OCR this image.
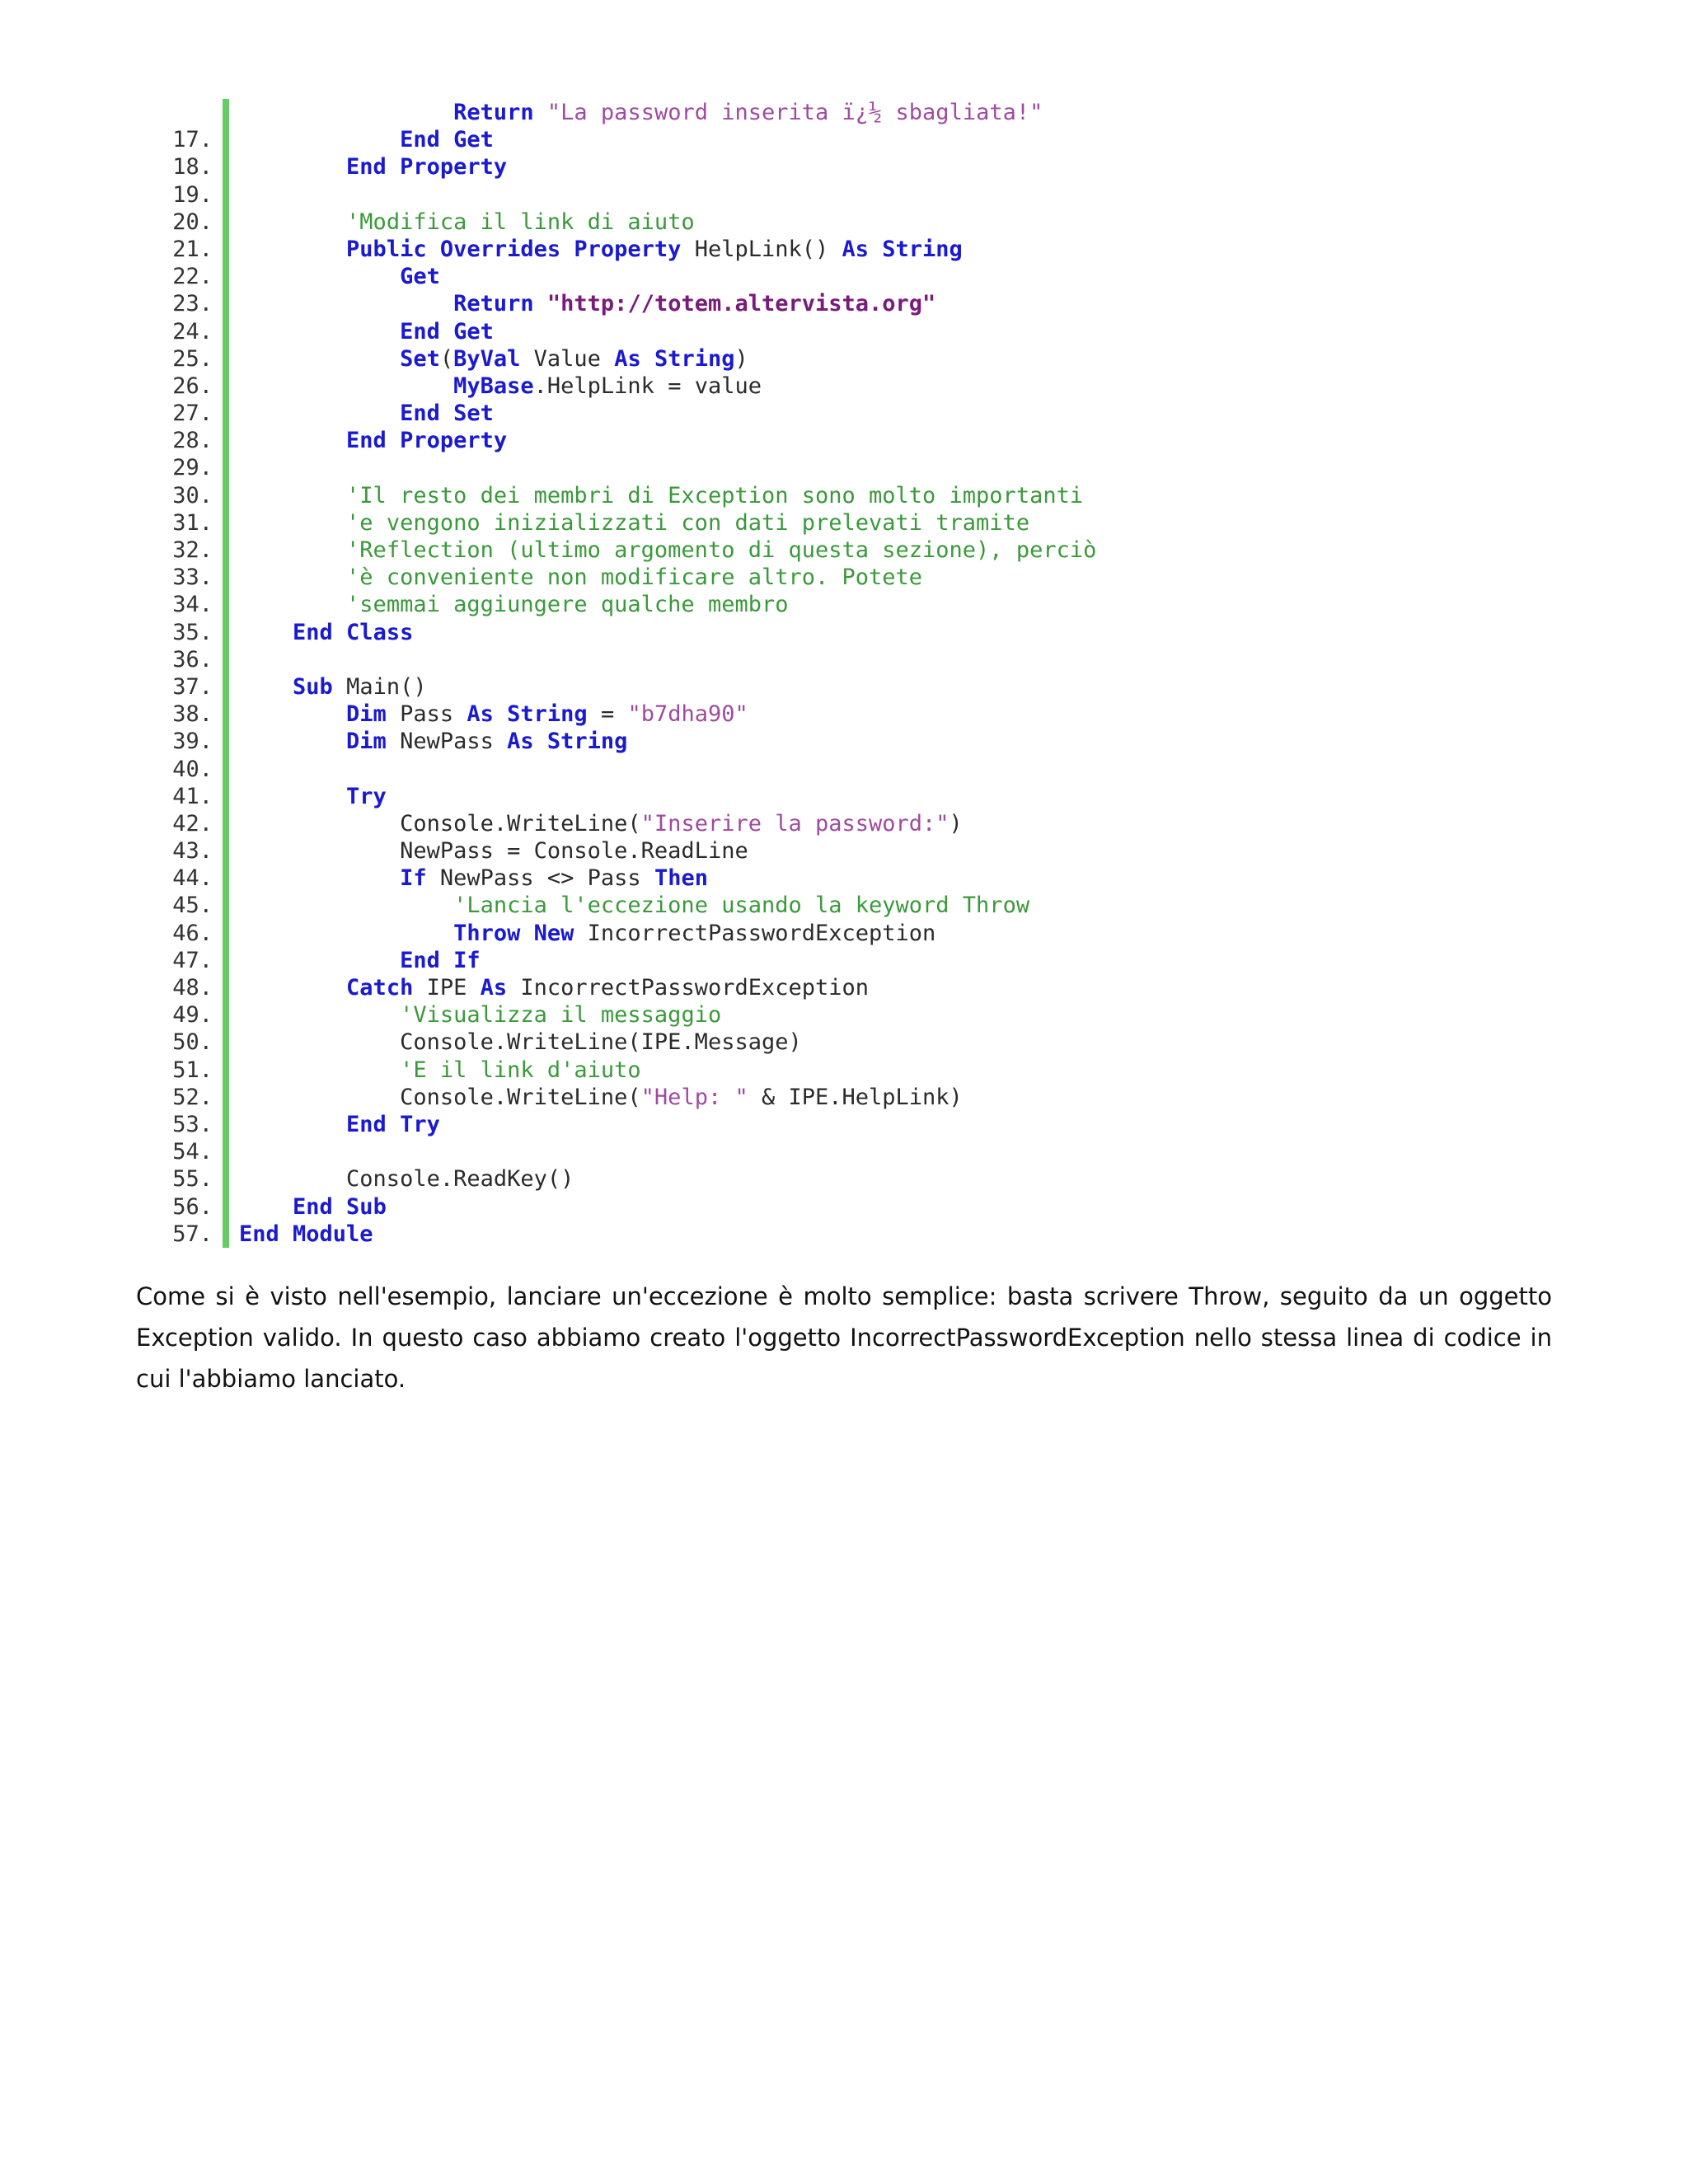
Return "La password inserita ï¿½ sbagliata!"
17.	End Get
18.	End Property
19.
20.	'Modifica il link di aiuto
21.	Public Overrides Property HelpLink() As String
22.	Get
23.	Return "http://totem.altervista.org"
24.	End Get
25.	Set(ByVal Value As String)
26.	MyBase.HelpLink = value
27.	End Set
28.	End Property
29.
30.	'Il resto dei membri di Exception sono molto importanti
31.	'e vengono inizializzati con dati prelevati tramite
32.	'Reflection (ultimo argomento di questa sezione), perciò
33.	'è conveniente non modificare altro. Potete
34.	'semmai aggiungere qualche membro
35.	End Class
36.
37.	Sub Main()
38.	Dim Pass As String = "b7dha90"
39.	Dim NewPass As String
40.
41.	Try
42.	Console.WriteLine("Inserire la password:")
43.	NewPass = Console.ReadLine
44.	If NewPass <> Pass Then
45.	'Lancia l'eccezione usando la keyword Throw
46.	Throw New IncorrectPasswordException
47.	End If
48.	Catch IPE As IncorrectPasswordException
49.	'Visualizza il messaggio
50.	Console.WriteLine(IPE.Message)
51.	'E il link d'aiuto
52.	Console.WriteLine("Help: " & IPE.HelpLink)
53.	End Try
54.
55.	Console.ReadKey()
56.	End Sub
57.	End Module

Come si è visto nell'esempio, lanciare un'eccezione è molto semplice: basta scrivere Throw, seguito da un oggetto Exception valido. In questo caso abbiamo creato l'oggetto IncorrectPasswordException nello stessa linea di codice in cui l'abbiamo lanciato.
